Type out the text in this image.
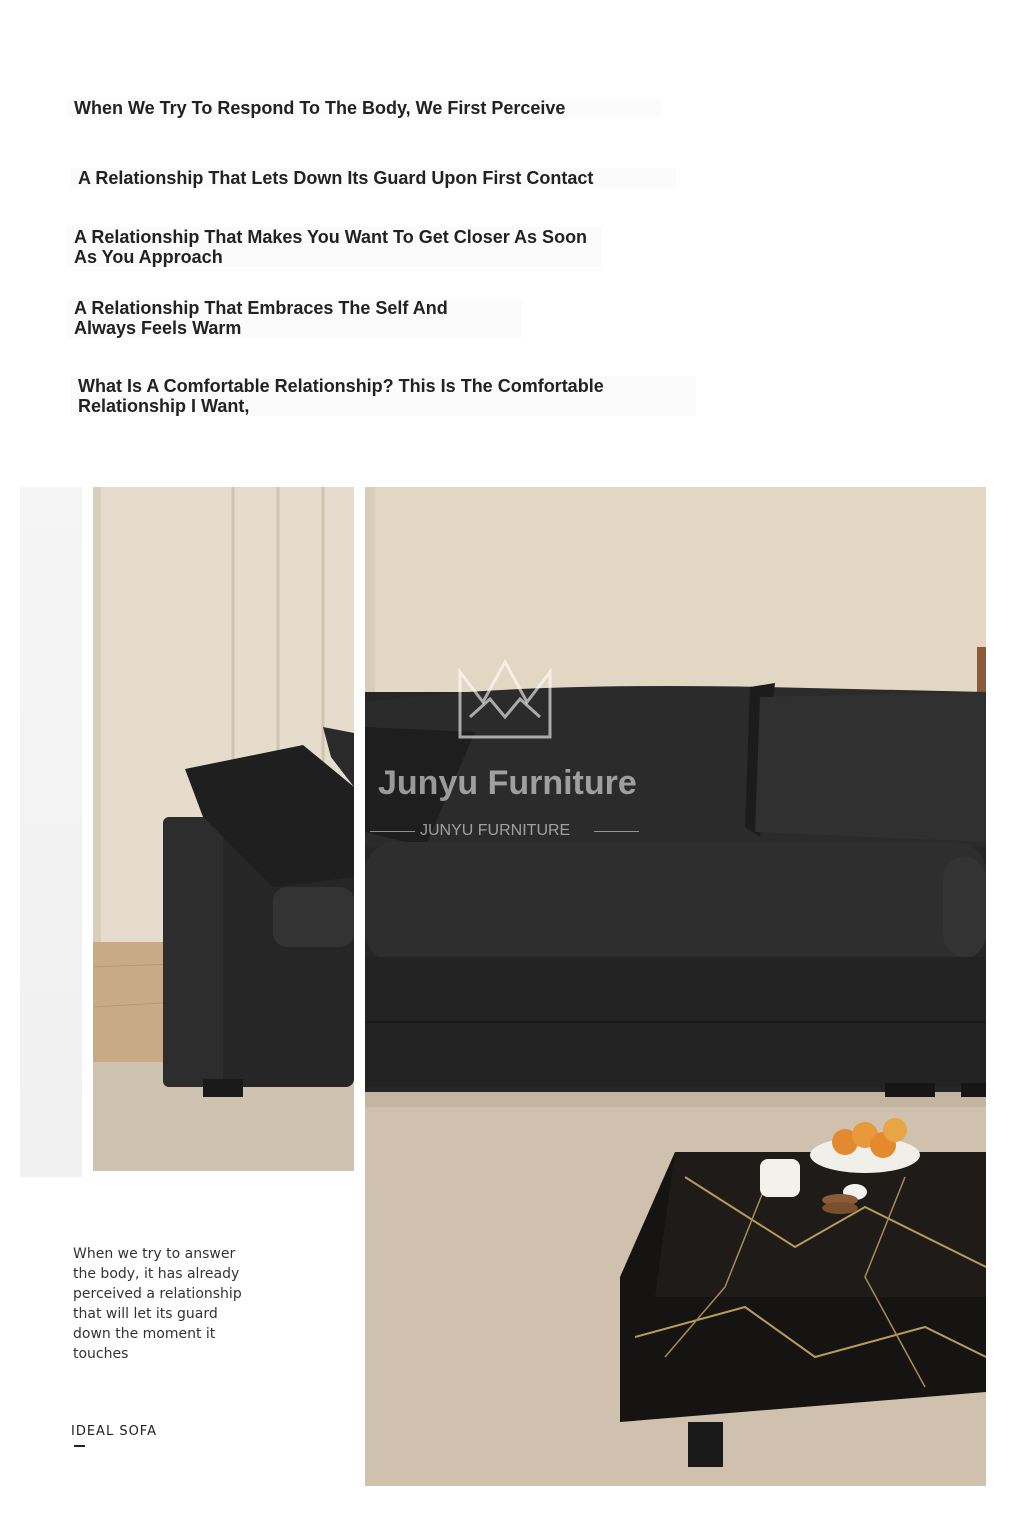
When We Try To Respond To The Body, We First Perceive
A Relationship That Lets Down Its Guard Upon First Contact
A Relationship That Makes You Want To Get Closer As Soon As You Approach
A Relationship That Embraces The Self And Always Feels Warm
What Is A Comfortable Relationship? This Is The Comfortable Relationship I Want,
Junyu Furniture
JUNYU FURNITURE
When we try to answer the body, it has already perceived a relationship that will let its guard down the moment it touches
IDEAL SOFA
